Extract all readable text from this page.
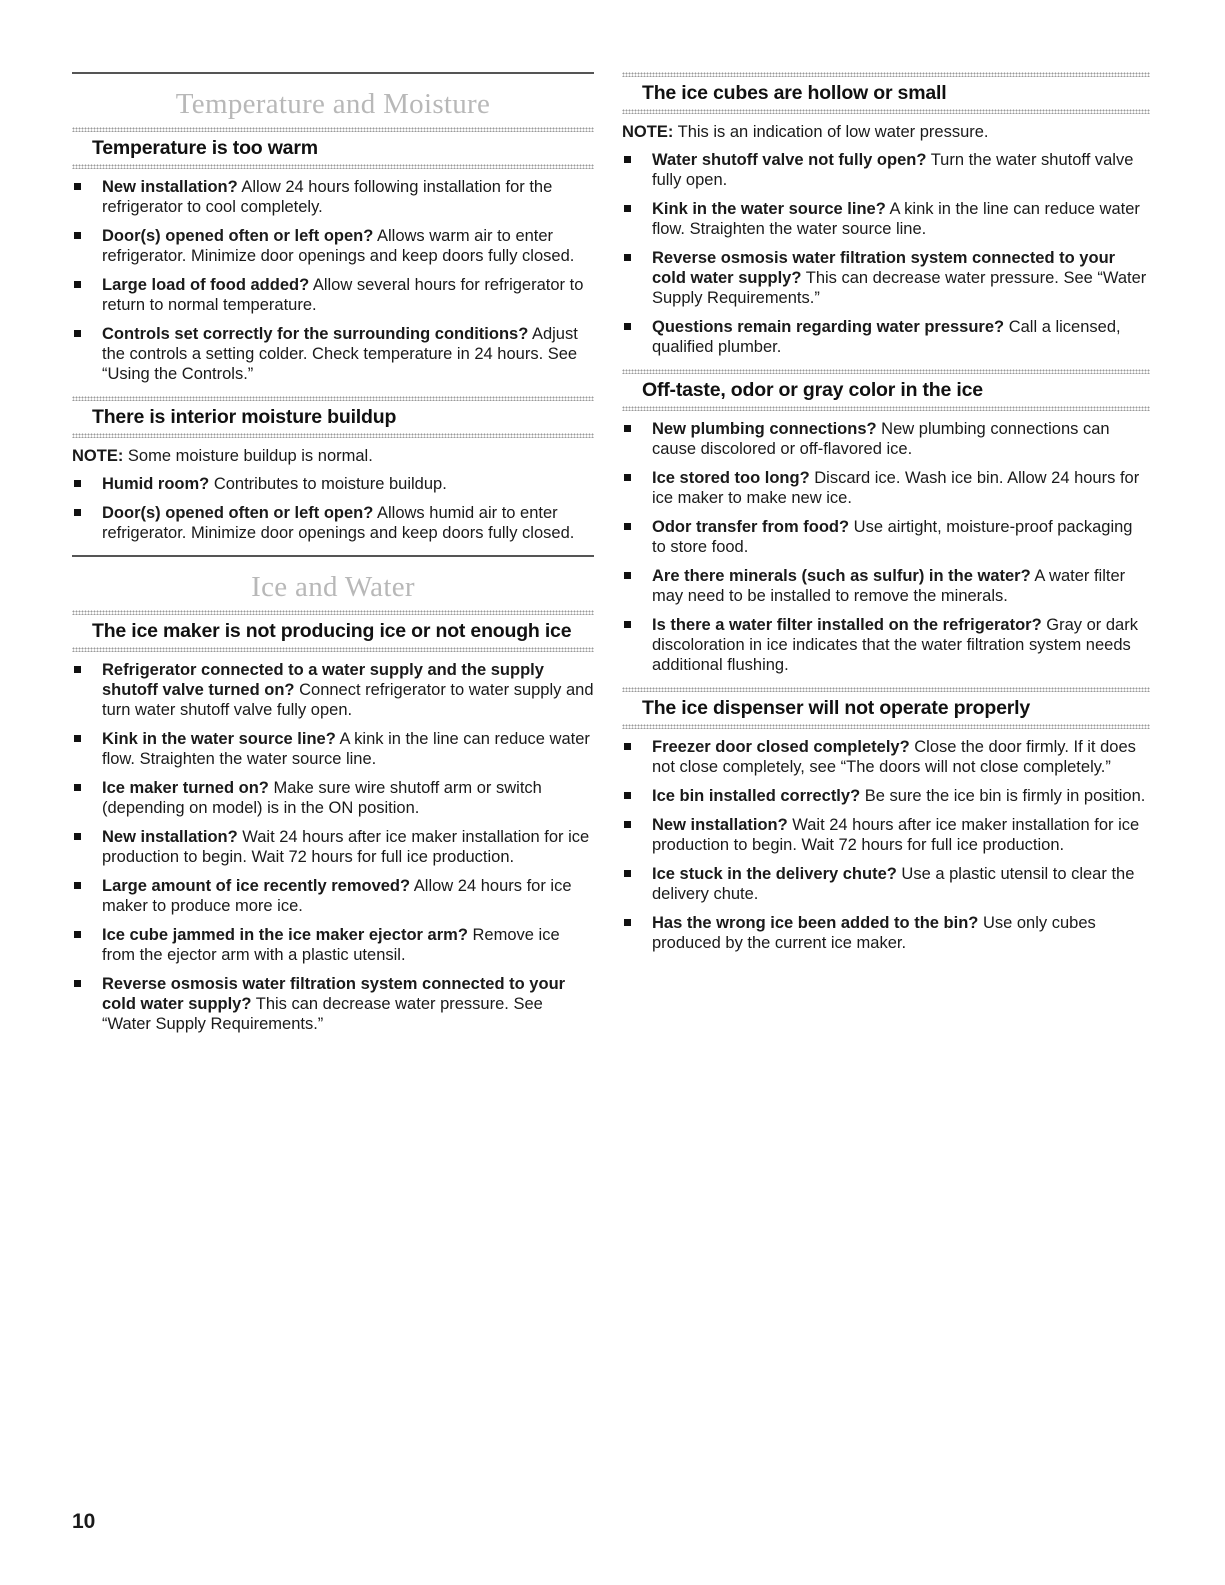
Temperature and Moisture
Temperature is too warm
New installation? Allow 24 hours following installation for the refrigerator to cool completely.
Door(s) opened often or left open? Allows warm air to enter refrigerator. Minimize door openings and keep doors fully closed.
Large load of food added? Allow several hours for refrigerator to return to normal temperature.
Controls set correctly for the surrounding conditions? Adjust the controls a setting colder. Check temperature in 24 hours. See “Using the Controls.”
There is interior moisture buildup
NOTE: Some moisture buildup is normal.
Humid room? Contributes to moisture buildup.
Door(s) opened often or left open? Allows humid air to enter refrigerator. Minimize door openings and keep doors fully closed.
Ice and Water
The ice maker is not producing ice or not enough ice
Refrigerator connected to a water supply and the supply shutoff valve turned on? Connect refrigerator to water supply and turn water shutoff valve fully open.
Kink in the water source line? A kink in the line can reduce water flow. Straighten the water source line.
Ice maker turned on? Make sure wire shutoff arm or switch (depending on model) is in the ON position.
New installation? Wait 24 hours after ice maker installation for ice production to begin. Wait 72 hours for full ice production.
Large amount of ice recently removed? Allow 24 hours for ice maker to produce more ice.
Ice cube jammed in the ice maker ejector arm? Remove ice from the ejector arm with a plastic utensil.
Reverse osmosis water filtration system connected to your cold water supply? This can decrease water pressure. See “Water Supply Requirements.”
The ice cubes are hollow or small
NOTE: This is an indication of low water pressure.
Water shutoff valve not fully open? Turn the water shutoff valve fully open.
Kink in the water source line? A kink in the line can reduce water flow. Straighten the water source line.
Reverse osmosis water filtration system connected to your cold water supply? This can decrease water pressure. See “Water Supply Requirements.”
Questions remain regarding water pressure? Call a licensed, qualified plumber.
Off-taste, odor or gray color in the ice
New plumbing connections? New plumbing connections can cause discolored or off-flavored ice.
Ice stored too long? Discard ice. Wash ice bin. Allow 24 hours for ice maker to make new ice.
Odor transfer from food? Use airtight, moisture-proof packaging to store food.
Are there minerals (such as sulfur) in the water? A water filter may need to be installed to remove the minerals.
Is there a water filter installed on the refrigerator? Gray or dark discoloration in ice indicates that the water filtration system needs additional flushing.
The ice dispenser will not operate properly
Freezer door closed completely? Close the door firmly. If it does not close completely, see “The doors will not close completely.”
Ice bin installed correctly? Be sure the ice bin is firmly in position.
New installation? Wait 24 hours after ice maker installation for ice production to begin. Wait 72 hours for full ice production.
Ice stuck in the delivery chute? Use a plastic utensil to clear the delivery chute.
Has the wrong ice been added to the bin? Use only cubes produced by the current ice maker.
10
